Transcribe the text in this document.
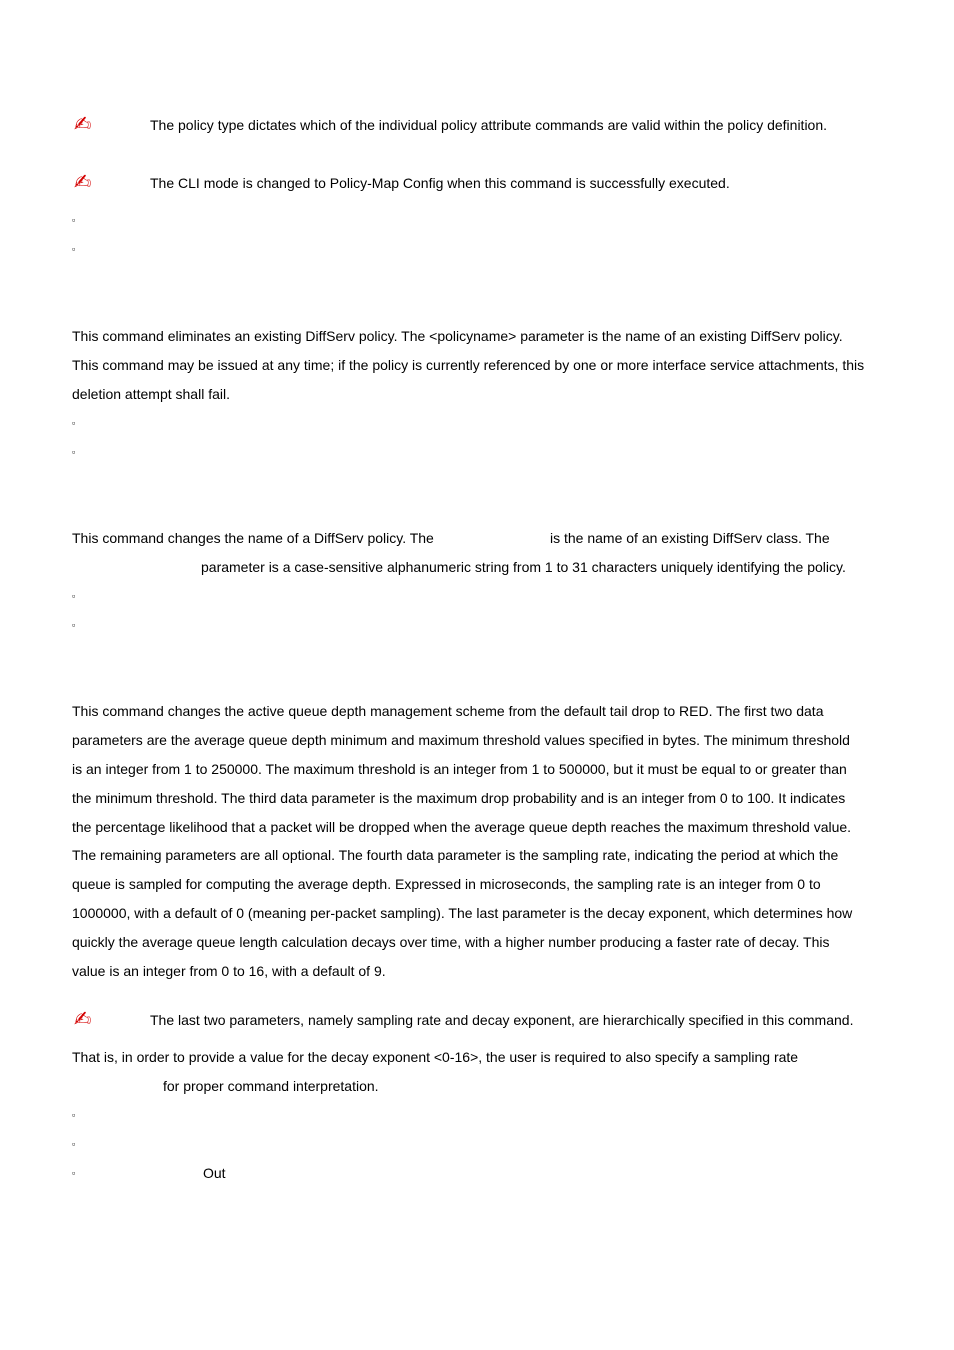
✍	The policy type dictates which of the individual policy attribute commands are valid within the policy definition.
✍	The CLI mode is changed to Policy-Map Config when this command is successfully executed.
▫
▫
This command eliminates an existing DiffServ policy. The <policyname> parameter is the name of an existing DiffServ policy.
This command may be issued at any time; if the policy is currently referenced by one or more interface service attachments, this
deletion attempt shall fail.
▫
▫
This command changes the name of a DiffServ policy. The	is the name of an existing DiffServ class. The
parameter is a case-sensitive alphanumeric string from 1 to 31 characters uniquely identifying the policy.
▫
▫
This command changes the active queue depth management scheme from the default tail drop to RED. The first two data
parameters are the average queue depth minimum and maximum threshold values specified in bytes. The minimum threshold
is an integer from 1 to 250000. The maximum threshold is an integer from 1 to 500000, but it must be equal to or greater than
the minimum threshold. The third data parameter is the maximum drop probability and is an integer from 0 to 100. It indicates
the percentage likelihood that a packet will be dropped when the average queue depth reaches the maximum threshold value.
The remaining parameters are all optional. The fourth data parameter is the sampling rate, indicating the period at which the
queue is sampled for computing the average depth. Expressed in microseconds, the sampling rate is an integer from 0 to
1000000, with a default of 0 (meaning per-packet sampling). The last parameter is the decay exponent, which determines how
quickly the average queue length calculation decays over time, with a higher number producing a faster rate of decay. This
value is an integer from 0 to 16, with a default of 9.
✍	The last two parameters, namely sampling rate and decay exponent, are hierarchically specified in this command.
That is, in order to provide a value for the decay exponent <0-16>, the user is required to also specify a sampling rate
for proper command interpretation.
▫
▫
▫	Out
